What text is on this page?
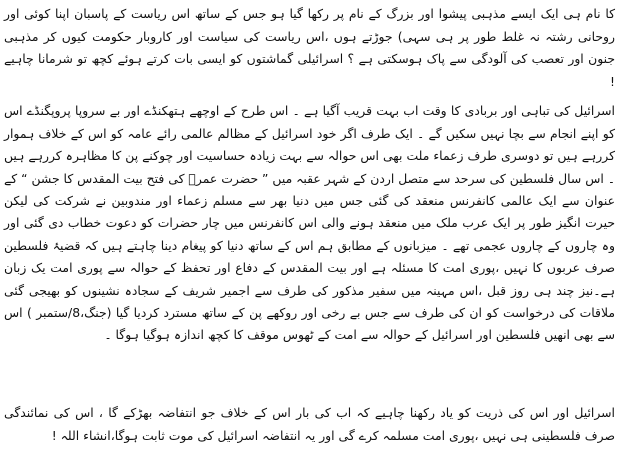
کا نام ہی ایک ایسے مذہبی پیشوا اور بزرگ کے نام پر رکھا گیا ہو جس کے ساتھ اس ریاست کے پاسبان اپنا کوئی اور روحانی رشتہ نہ غلط طور پر ہی سہی) جوڑتے ہوں ،اس ریاست کی سیاست اور کاروبار حکومت کیوں کر مذہبی جنون اور تعصب کی آلودگی سے پاک ہوسکتی ہے ؟ اسرائیلی گماشتوں کو ایسی بات کرتے ہوئے کچھ تو شرمانا چاہیے !

اسرائیل کی تباہی اور بربادی کا وقت اب بہت قریب آگیا ہے ۔ اس طرح کے اوچھے ہتھکنڈے اور بے سروپا پروپگنڈے اس کو اپنے انجام سے بچا نہیں سکیں گے ۔ ایک طرف اگر خود اسرائیل کے مظالم عالمی رائے عامہ کو اس کے خلاف ہموار کررہے ہیں تو دوسری طرف زعماء ملت بھی اس حوالہ سے بہت زیادہ حساسیت اور چوکنے پن کا مظاہرہ کررہے ہیں ۔ اس سال فلسطین کی سرحد سے متصل اردن کے شہر عقبہ میں ” حضرت عمرؓ کی فتح بیت المقدس کا جشن “ کے عنوان سے ایک عالمی کانفرنس منعقد کی گئی جس میں دنیا بھر سے مسلم زعماء اور مندوبین نے شرکت کی لیکن حیرت انگیز طور پر ایک عرب ملک میں منعقد ہونے والی اس کانفرنس میں چار حضرات کو دعوت خطاب دی گئی اور وہ چاروں کے چاروں عجمی تھے ۔ میزبانوں کے مطابق ہم اس کے ساتھ دنیا کو پیغام دینا چاہتے ہیں کہ قضیۂ فلسطین صرف عربوں کا نہیں ،پوری امت کا مسئلہ ہے اور بیت المقدس کے دفاع اور تحفظ کے حوالہ سے پوری امت یک زبان ہے۔نیز چند ہی روز قبل ،اس مہینہ میں سفیر مذکور کی طرف سے اجمیر شریف کے سجادہ نشینوں کو بھیجی گئی ملاقات کی درخواست کو ان کی طرف سے جس بے رخی اور روکھے پن کے ساتھ مسترد کردیا گیا (جنگ،8/ستمبر ) اس سے بھی انھیں فلسطین اور اسرائیل کے حوالہ سے امت کے ٹھوس موقف کا کچھ اندازہ ہوگیا ہوگا ۔

اسرائیل اور اس کی ذریت کو یاد رکھنا چاہیے کہ اب کی بار اس کے خلاف جو انتفاضہ بھڑکے گا ، اس کی نمائندگی صرف فلسطینی ہی نہیں ،پوری امت مسلمہ کرے گی اور یہ انتفاضہ اسرائیل کی موت ثابت ہوگا،انشاء اللہ !
